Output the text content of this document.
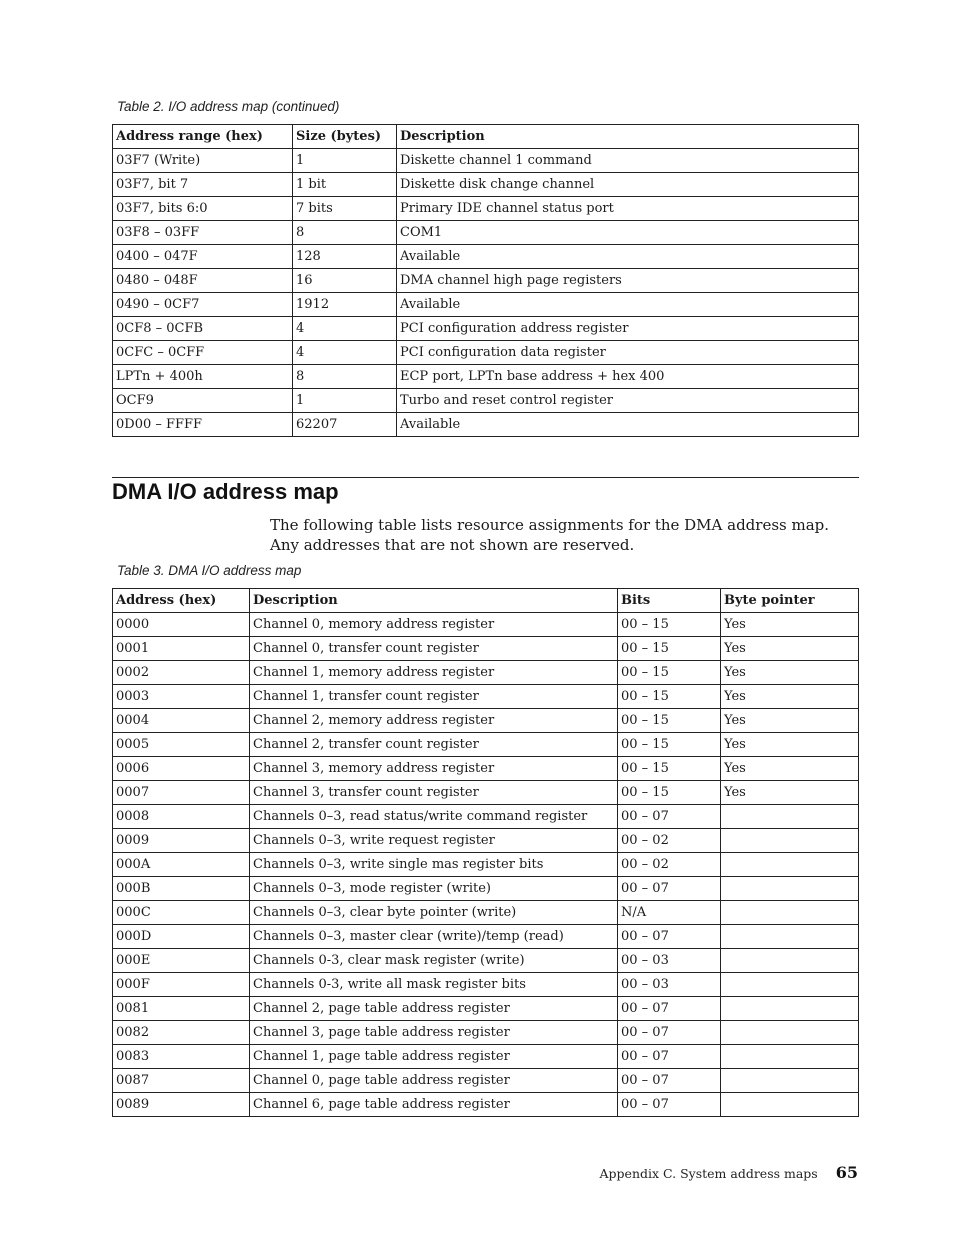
Table 2. I/O address map (continued)
Address range (hex)	Size (bytes)	Description
03F7 (Write)	1	Diskette channel 1 command
03F7, bit 7	1 bit	Diskette disk change channel
03F7, bits 6:0	7 bits	Primary IDE channel status port
03F8 – 03FF	8	COM1
0400 – 047F	128	Available
0480 – 048F	16	DMA channel high page registers
0490 – 0CF7	1912	Available
0CF8 – 0CFB	4	PCI configuration address register
0CFC – 0CFF	4	PCI configuration data register
LPTn + 400h	8	ECP port, LPTn base address + hex 400
OCF9	1	Turbo and reset control register
0D00 – FFFF	62207	Available
DMA I/O address map

The following table lists resource assignments for the DMA address map. Any addresses that are not shown are reserved.

Table 3. DMA I/O address map
Address (hex)	Description	Bits	Byte pointer
0000	Channel 0, memory address register	00 – 15	Yes
0001	Channel 0, transfer count register	00 – 15	Yes
0002	Channel 1, memory address register	00 – 15	Yes
0003	Channel 1, transfer count register	00 – 15	Yes
0004	Channel 2, memory address register	00 – 15	Yes
0005	Channel 2, transfer count register	00 – 15	Yes
0006	Channel 3, memory address register	00 – 15	Yes
0007	Channel 3, transfer count register	00 – 15	Yes
0008	Channels 0–3, read status/write command register	00 – 07	
0009	Channels 0–3, write request register	00 – 02	
000A	Channels 0–3, write single mas register bits	00 – 02	
000B	Channels 0–3, mode register (write)	00 – 07	
000C	Channels 0–3, clear byte pointer (write)	N/A	
000D	Channels 0–3, master clear (write)/temp (read)	00 – 07	
000E	Channels 0-3, clear mask register (write)	00 – 03	
000F	Channels 0-3, write all mask register bits	00 – 03	
0081	Channel 2, page table address register	00 – 07	
0082	Channel 3, page table address register	00 – 07	
0083	Channel 1, page table address register	00 – 07	
0087	Channel 0, page table address register	00 – 07	
0089	Channel 6, page table address register	00 – 07	
Appendix C. System address maps 65
